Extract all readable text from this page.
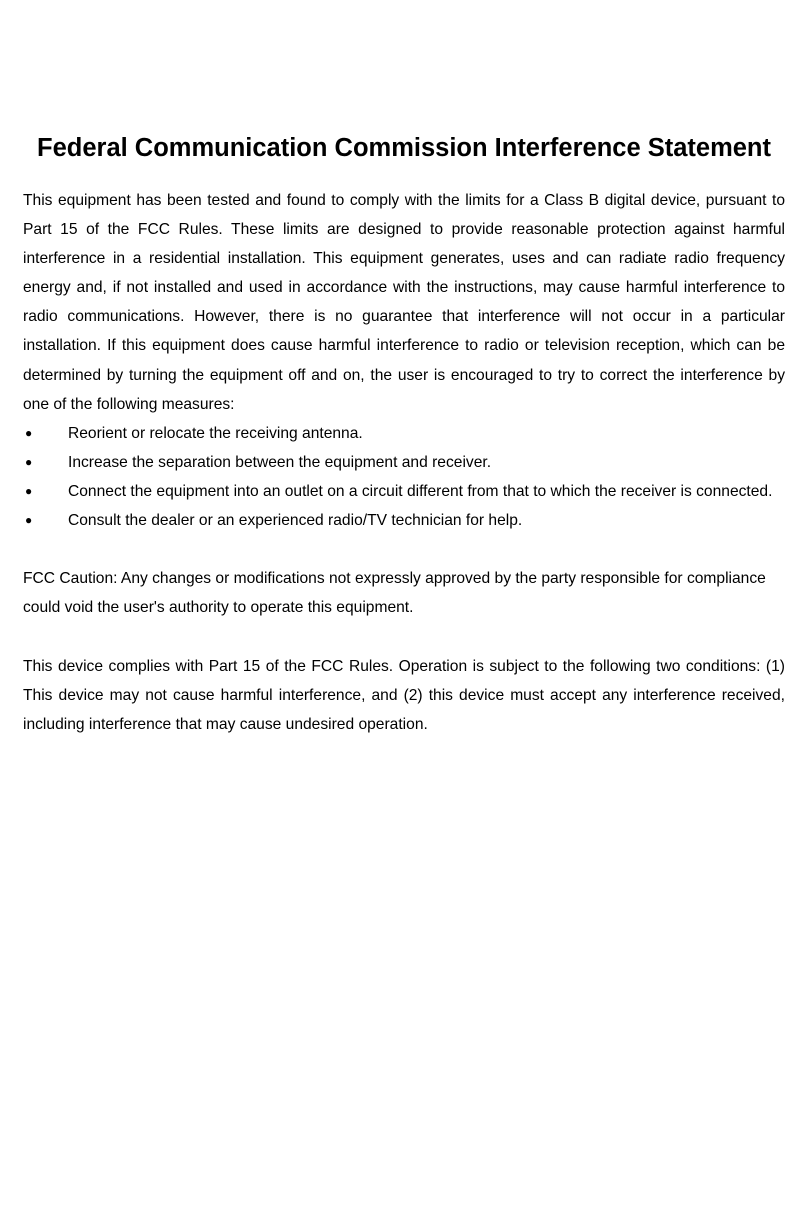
Federal Communication Commission Interference Statement

This equipment has been tested and found to comply with the limits for a Class B digital device, pursuant to Part 15 of the FCC Rules. These limits are designed to provide reasonable protection against harmful interference in a residential installation. This equipment generates, uses and can radiate radio frequency energy and, if not installed and used in accordance with the instructions, may cause harmful interference to radio communications. However, there is no guarantee that interference will not occur in a particular installation. If this equipment does cause harmful interference to radio or television reception, which can be determined by turning the equipment off and on, the user is encouraged to try to correct the interference by one of the following measures:

● Reorient or relocate the receiving antenna.
● Increase the separation between the equipment and receiver.
● Connect the equipment into an outlet on a circuit different from that to which the receiver is connected.
● Consult the dealer or an experienced radio/TV technician for help.

FCC Caution: Any changes or modifications not expressly approved by the party responsible for compliance could void the user's authority to operate this equipment.

This device complies with Part 15 of the FCC Rules. Operation is subject to the following two conditions: (1) This device may not cause harmful interference, and (2) this device must accept any interference received, including interference that may cause undesired operation.
